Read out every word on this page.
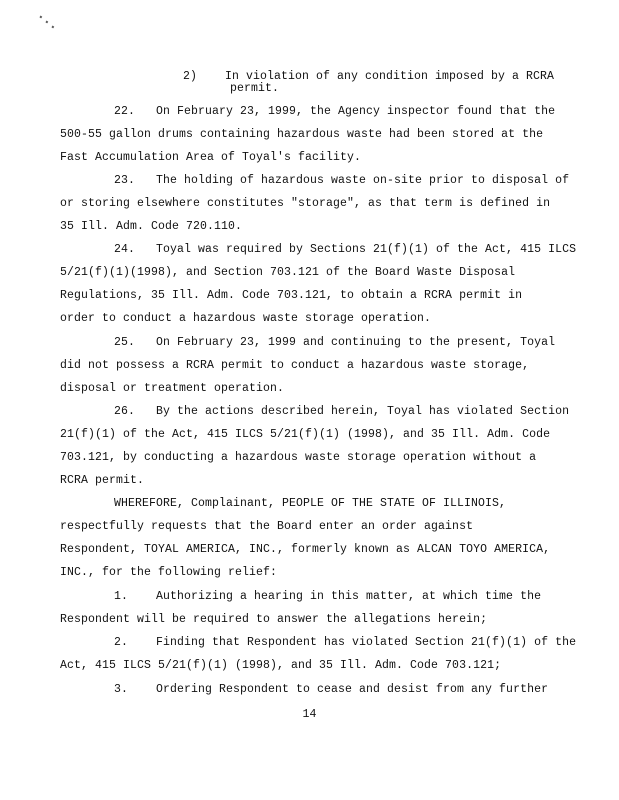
2)    In violation of any condition imposed by a RCRA
permit.
22.   On February 23, 1999, the Agency inspector found that the
500-55 gallon drums containing hazardous waste had been stored at the
Fast Accumulation Area of Toyal's facility.
23.   The holding of hazardous waste on-site prior to disposal of
or storing elsewhere constitutes "storage", as that term is defined in
35 Ill. Adm. Code 720.110.
24.   Toyal was required by Sections 21(f)(1) of the Act, 415 ILCS
5/21(f)(1)(1998), and Section 703.121 of the Board Waste Disposal
Regulations, 35 Ill. Adm. Code 703.121, to obtain a RCRA permit in
order to conduct a hazardous waste storage operation.
25.   On February 23, 1999 and continuing to the present, Toyal
did not possess a RCRA permit to conduct a hazardous waste storage,
disposal or treatment operation.
26.   By the actions described herein, Toyal has violated Section
21(f)(1) of the Act, 415 ILCS 5/21(f)(1) (1998), and 35 Ill. Adm. Code
703.121, by conducting a hazardous waste storage operation without a
RCRA permit.
WHEREFORE, Complainant, PEOPLE OF THE STATE OF ILLINOIS,
respectfully requests that the Board enter an order against
Respondent, TOYAL AMERICA, INC., formerly known as ALCAN TOYO AMERICA,
INC., for the following relief:
1.    Authorizing a hearing in this matter, at which time the
Respondent will be required to answer the allegations herein;
2.    Finding that Respondent has violated Section 21(f)(1) of the
Act, 415 ILCS 5/21(f)(1) (1998), and 35 Ill. Adm. Code 703.121;
3.    Ordering Respondent to cease and desist from any further
14
